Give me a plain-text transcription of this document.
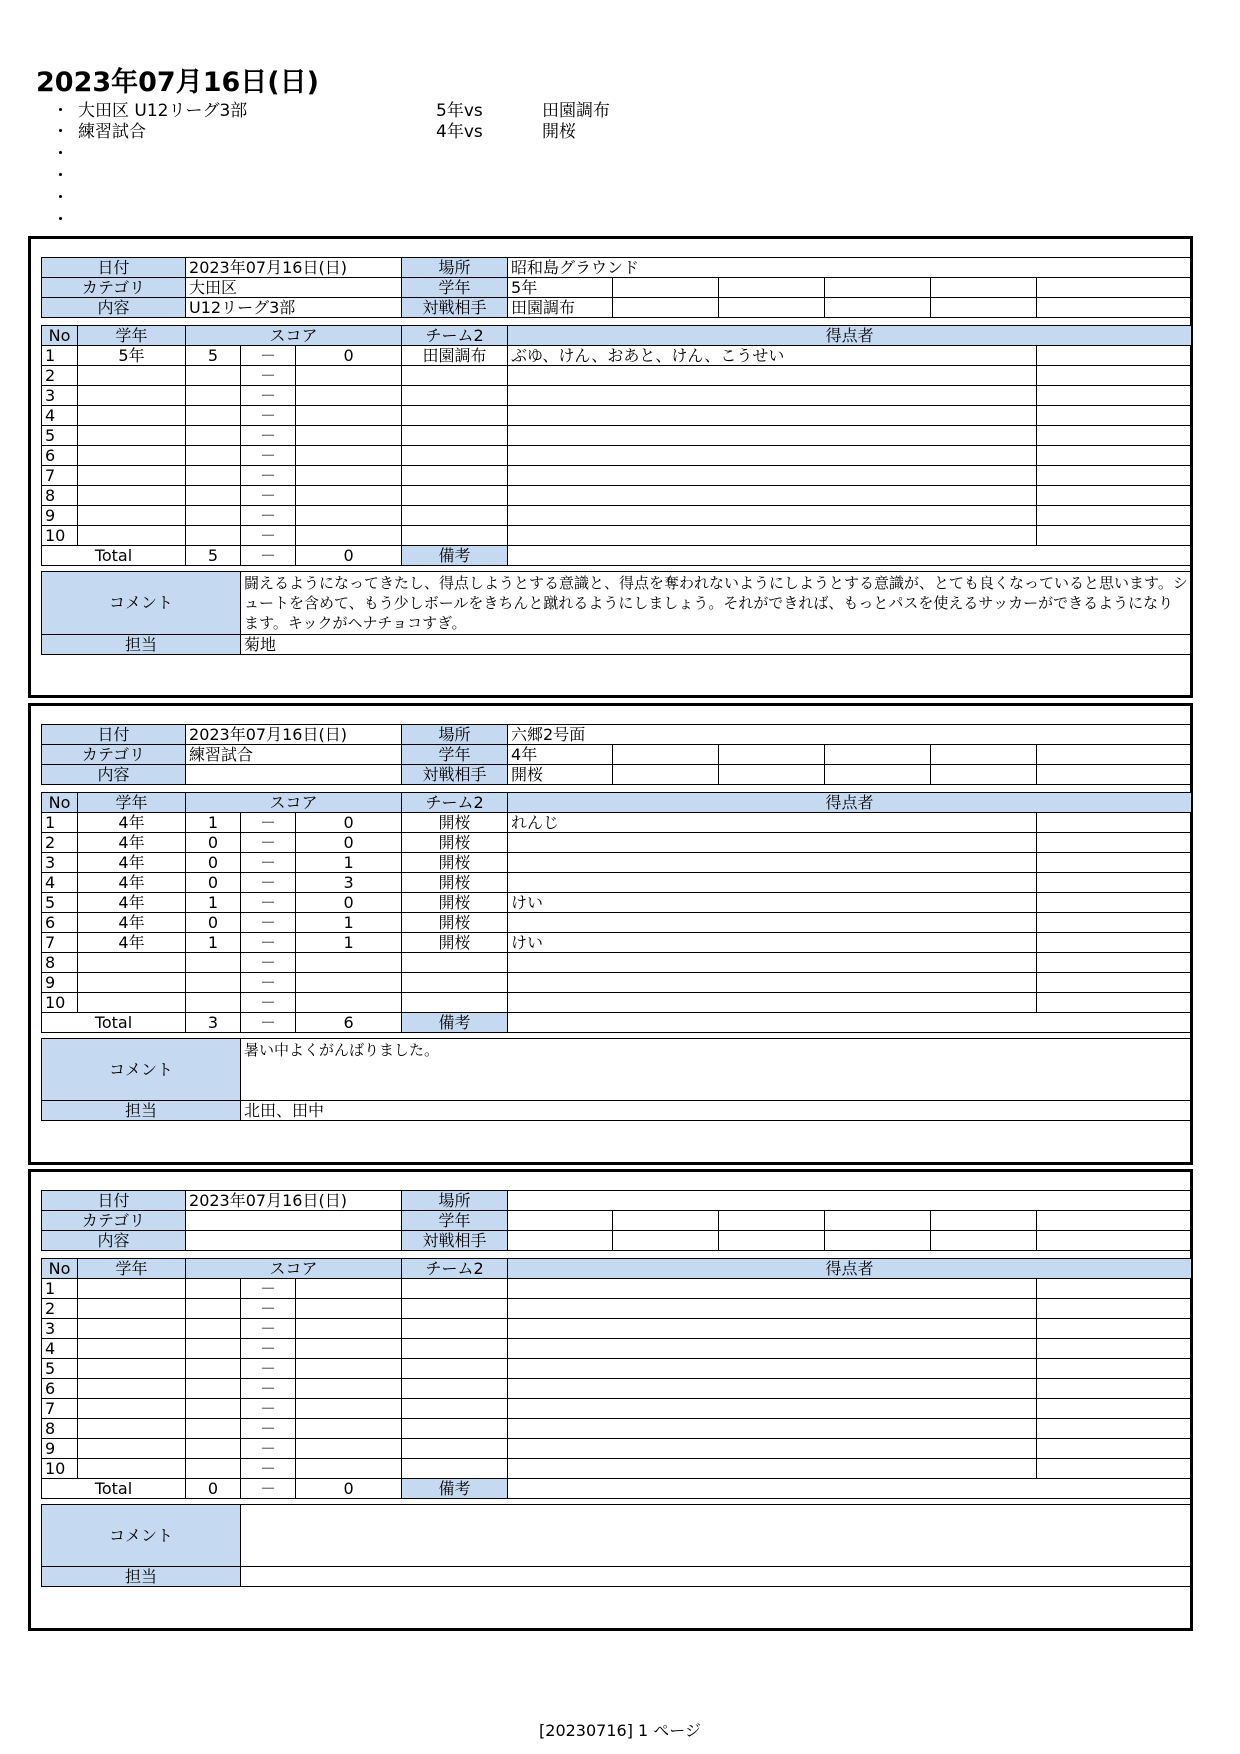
2023年07月16日(日)
・ 大田区 U12リーグ3部	5年vs	田園調布
・ 練習試合	4年vs	開桜
・
・
・
・
日付		2023年07月16日(日)			場所	昭和島グラウンド					
カテゴリ		大田区			学年	5年					
内容		U12リーグ3部			対戦相手	田園調布					

No	学年	スコア			チーム2	得点者					
1	5年	5	－	0	田園調布	ぶゆ、けん、おあと、けん、こうせい					
2			－								
3			－								
4			－								
5			－								
6			－								
7			－								
8			－								
9			－								
10			－								
Total		5	－	0	備考						

コメント			闘えるようになってきたし、得点しようとする意識と、得点を奪われないようにしようとする意識が、とても良くなっていると思います。シュートを含めて、もう少しボールをきちんと蹴れるようにしましょう。それができれば、もっとパスを使えるサッカーができるようになります。キックがヘナチョコすぎ。								
担当			菊地								
日付		2023年07月16日(日)			場所	六郷2号面					
カテゴリ		練習試合			学年	4年					
内容					対戦相手	開桜					

No	学年	スコア			チーム2	得点者					
1	4年	1	－	0	開桜	れんじ					
2	4年	0	－	0	開桜						
3	4年	0	－	1	開桜						
4	4年	0	－	3	開桜						
5	4年	1	－	0	開桜	けい					
6	4年	0	－	1	開桜						
7	4年	1	－	1	開桜	けい					
8			－								
9			－								
10			－								
Total		3	－	6	備考						

コメント			暑い中よくがんばりました。								
担当			北田、田中								
日付		2023年07月16日(日)			場所						
カテゴリ					学年						
内容					対戦相手						

No	学年	スコア			チーム2	得点者					
1			－								
2			－								
3			－								
4			－								
5			－								
6			－								
7			－								
8			－								
9			－								
10			－								
Total		0	－	0	備考						

コメント											
担当											
[20230716] 1 ページ
